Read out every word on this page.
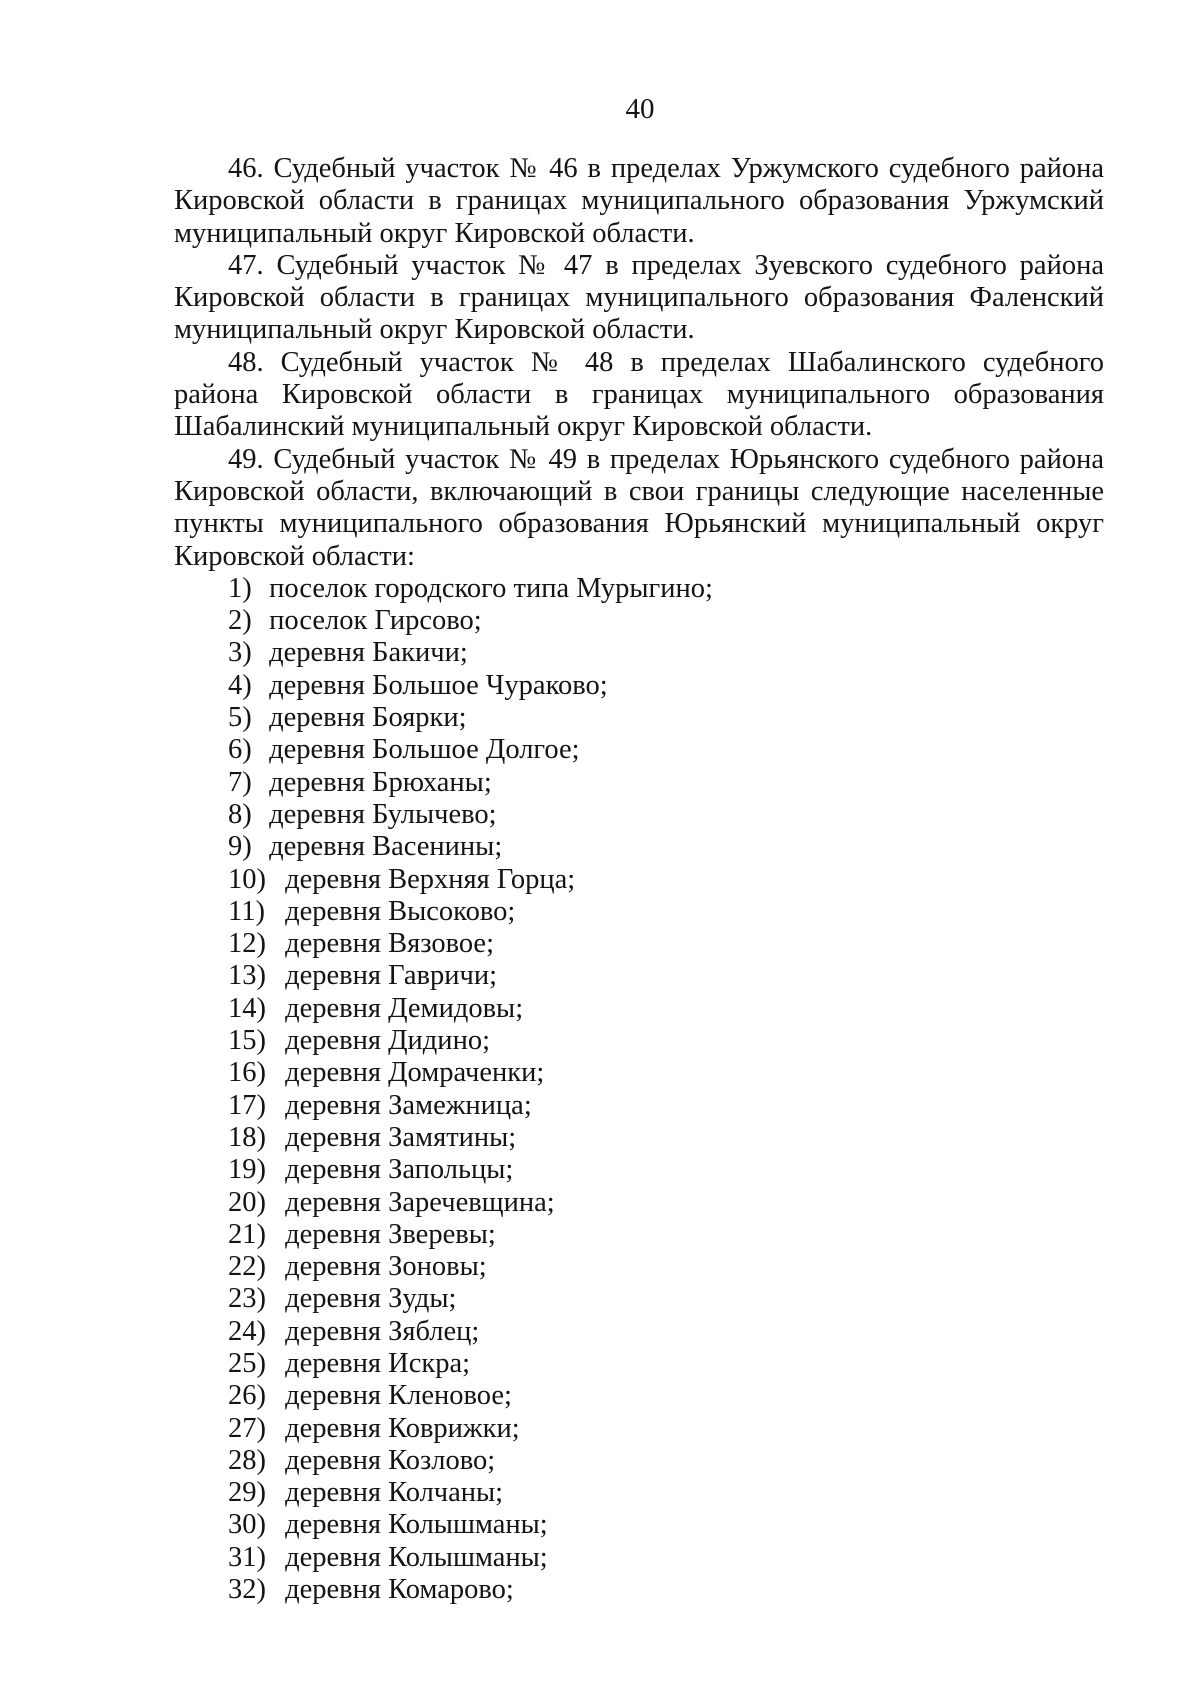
40

46. Судебный участок № 46 в пределах Уржумского судебного района Кировской области в границах муниципального образования Уржумский муниципальный округ Кировской области.

47. Судебный участок № 47 в пределах Зуевского судебного района Кировской области в границах муниципального образования Фаленский муниципальный округ Кировской области.

48. Судебный участок № 48 в пределах Шабалинского судебного района Кировской области в границах муниципального образования Шабалинский муниципальный округ Кировской области.

49. Судебный участок № 49 в пределах Юрьянского судебного района Кировской области, включающий в свои границы следующие населенные пункты муниципального образования Юрьянский муниципальный округ Кировской области:

1) поселок городского типа Мурыгино;
2) поселок Гирсово;
3) деревня Бакичи;
4) деревня Большое Чураково;
5) деревня Боярки;
6) деревня Большое Долгое;
7) деревня Брюханы;
8) деревня Булычево;
9) деревня Васенины;
10) деревня Верхняя Горца;
11) деревня Высоково;
12) деревня Вязовое;
13) деревня Гавричи;
14) деревня Демидовы;
15) деревня Дидино;
16) деревня Домраченки;
17) деревня Замежница;
18) деревня Замятины;
19) деревня Запольцы;
20) деревня Заречевщина;
21) деревня Зверевы;
22) деревня Зоновы;
23) деревня Зуды;
24) деревня Зяблец;
25) деревня Искра;
26) деревня Кленовое;
27) деревня Коврижки;
28) деревня Козлово;
29) деревня Колчаны;
30) деревня Колышманы;
31) деревня Колышманы;
32) деревня Комарово;
